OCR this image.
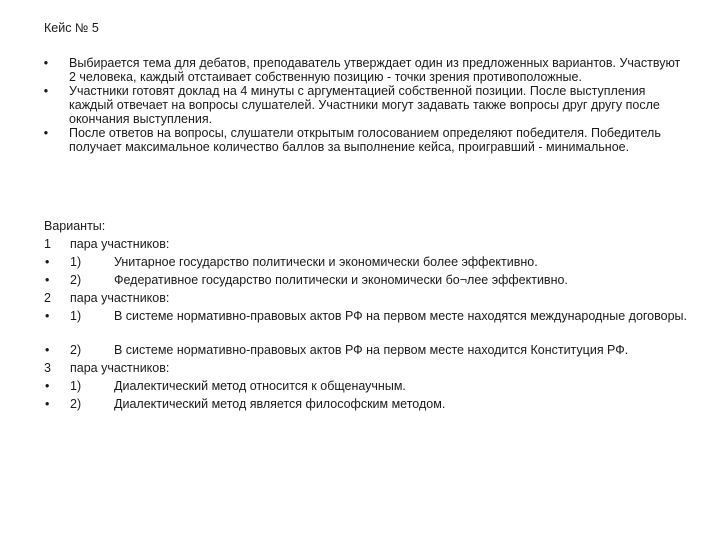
Кейс № 5
•	Выбирается тема для дебатов, преподаватель утверждает один из предложенных вариантов. Участвуют 2 человека, каждый отстаивает собственную позицию - точки зрения противоположные.
•	Участники готовят доклад на 4 минуты с аргументацией собственной позиции. После выступления каждый отвечает на вопросы слушателей. Участники могут задавать также вопросы друг другу после окончания выступления.
•	После ответов на вопросы, слушатели открытым голосованием определяют победителя. Победитель получает максимальное количество баллов за выполнение кейса, проигравший - минимальное.
Варианты:
1	пара участников:
•	1)	Унитарное государство политически и экономически более эффективно.
•	2)	Федеративное государство политически и экономически бо¬лее эффективно.
2	пара участников:
•	1)	В системе нормативно-правовых актов РФ на первом месте находятся международные договоры.
•	2)	В системе нормативно-правовых актов РФ на первом месте находится Конституция РФ.
3	пара участников:
•	1)	Диалектический метод относится к общенаучным.
•	2)	Диалектический метод является философским методом.
